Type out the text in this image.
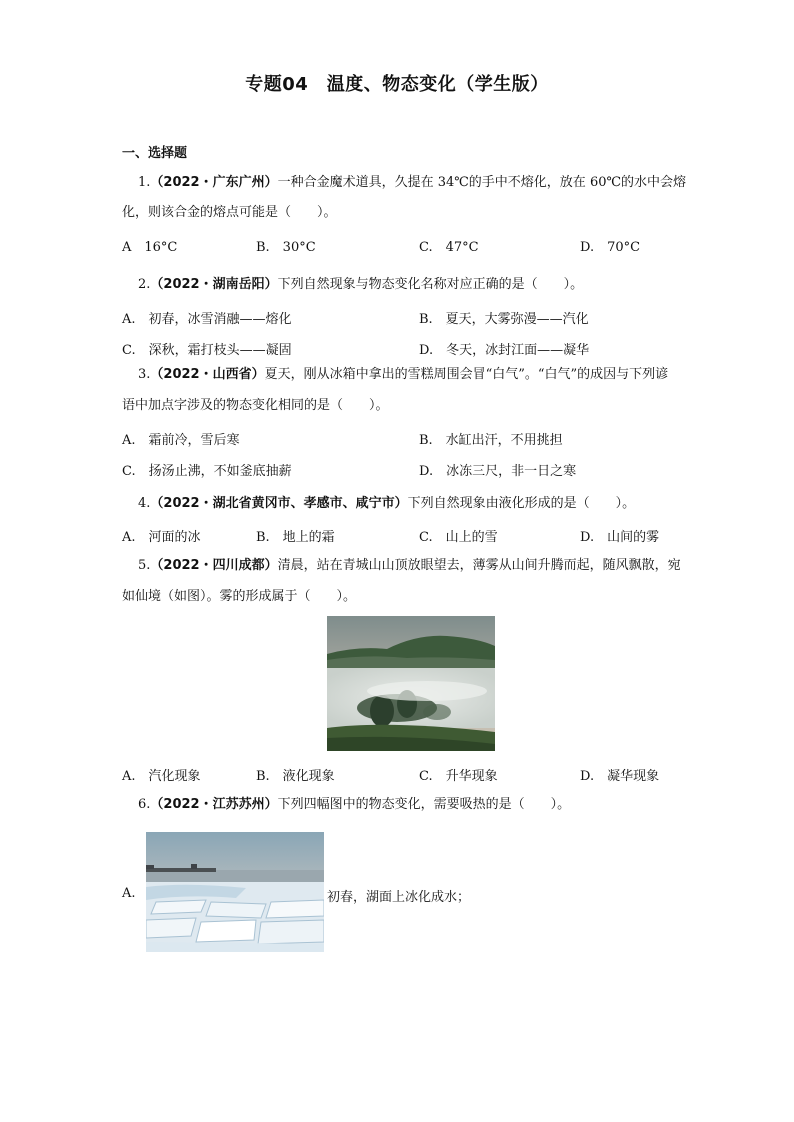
专题04　温度、物态变化（学生版）
一、选择题
1.（2022・广东广州）一种合金魔术道具，久提在 34℃的手中不熔化，放在 60℃的水中会熔
化，则该合金的熔点可能是（　　）。
A　16°C	B.　30°C	C.　47°C	D.　70°C
2.（2022・湖南岳阳）下列自然现象与物态变化名称对应正确的是（　　）。
A.　初春，冰雪消融——熔化	B.　夏天，大雾弥漫——汽化
C.　深秋，霜打枝头——凝固	D.　冬天，冰封江面——凝华
3.（2022・山西省）夏天，刚从冰箱中拿出的雪糕周围会冒“白气”。“白气”的成因与下列谚
语中加点字涉及的物态变化相同的是（　　）。
A.　霜前冷，雪后寒	B.　水缸出汗，不用挑担
C.　扬汤止沸，不如釜底抽薪	D.　冰冻三尺，非一日之寒
4.（2022・湖北省黄冈市、孝感市、咸宁市）下列自然现象由液化形成的是（　　）。
A.　河面的冰	B.　地上的霜	C.　山上的雪	D.　山间的雾
5.（2022・四川成都）清晨，站在青城山山顶放眼望去，薄雾从山间升腾而起，随风飘散，宛
如仙境（如图）。雾的形成属于（　　）。
A.　汽化现象	B.　液化现象	C.　升华现象	D.　凝华现象
6.（2022・江苏苏州）下列四幅图中的物态变化，需要吸热的是（　　）。
A.	初春，湖面上冰化成水；
